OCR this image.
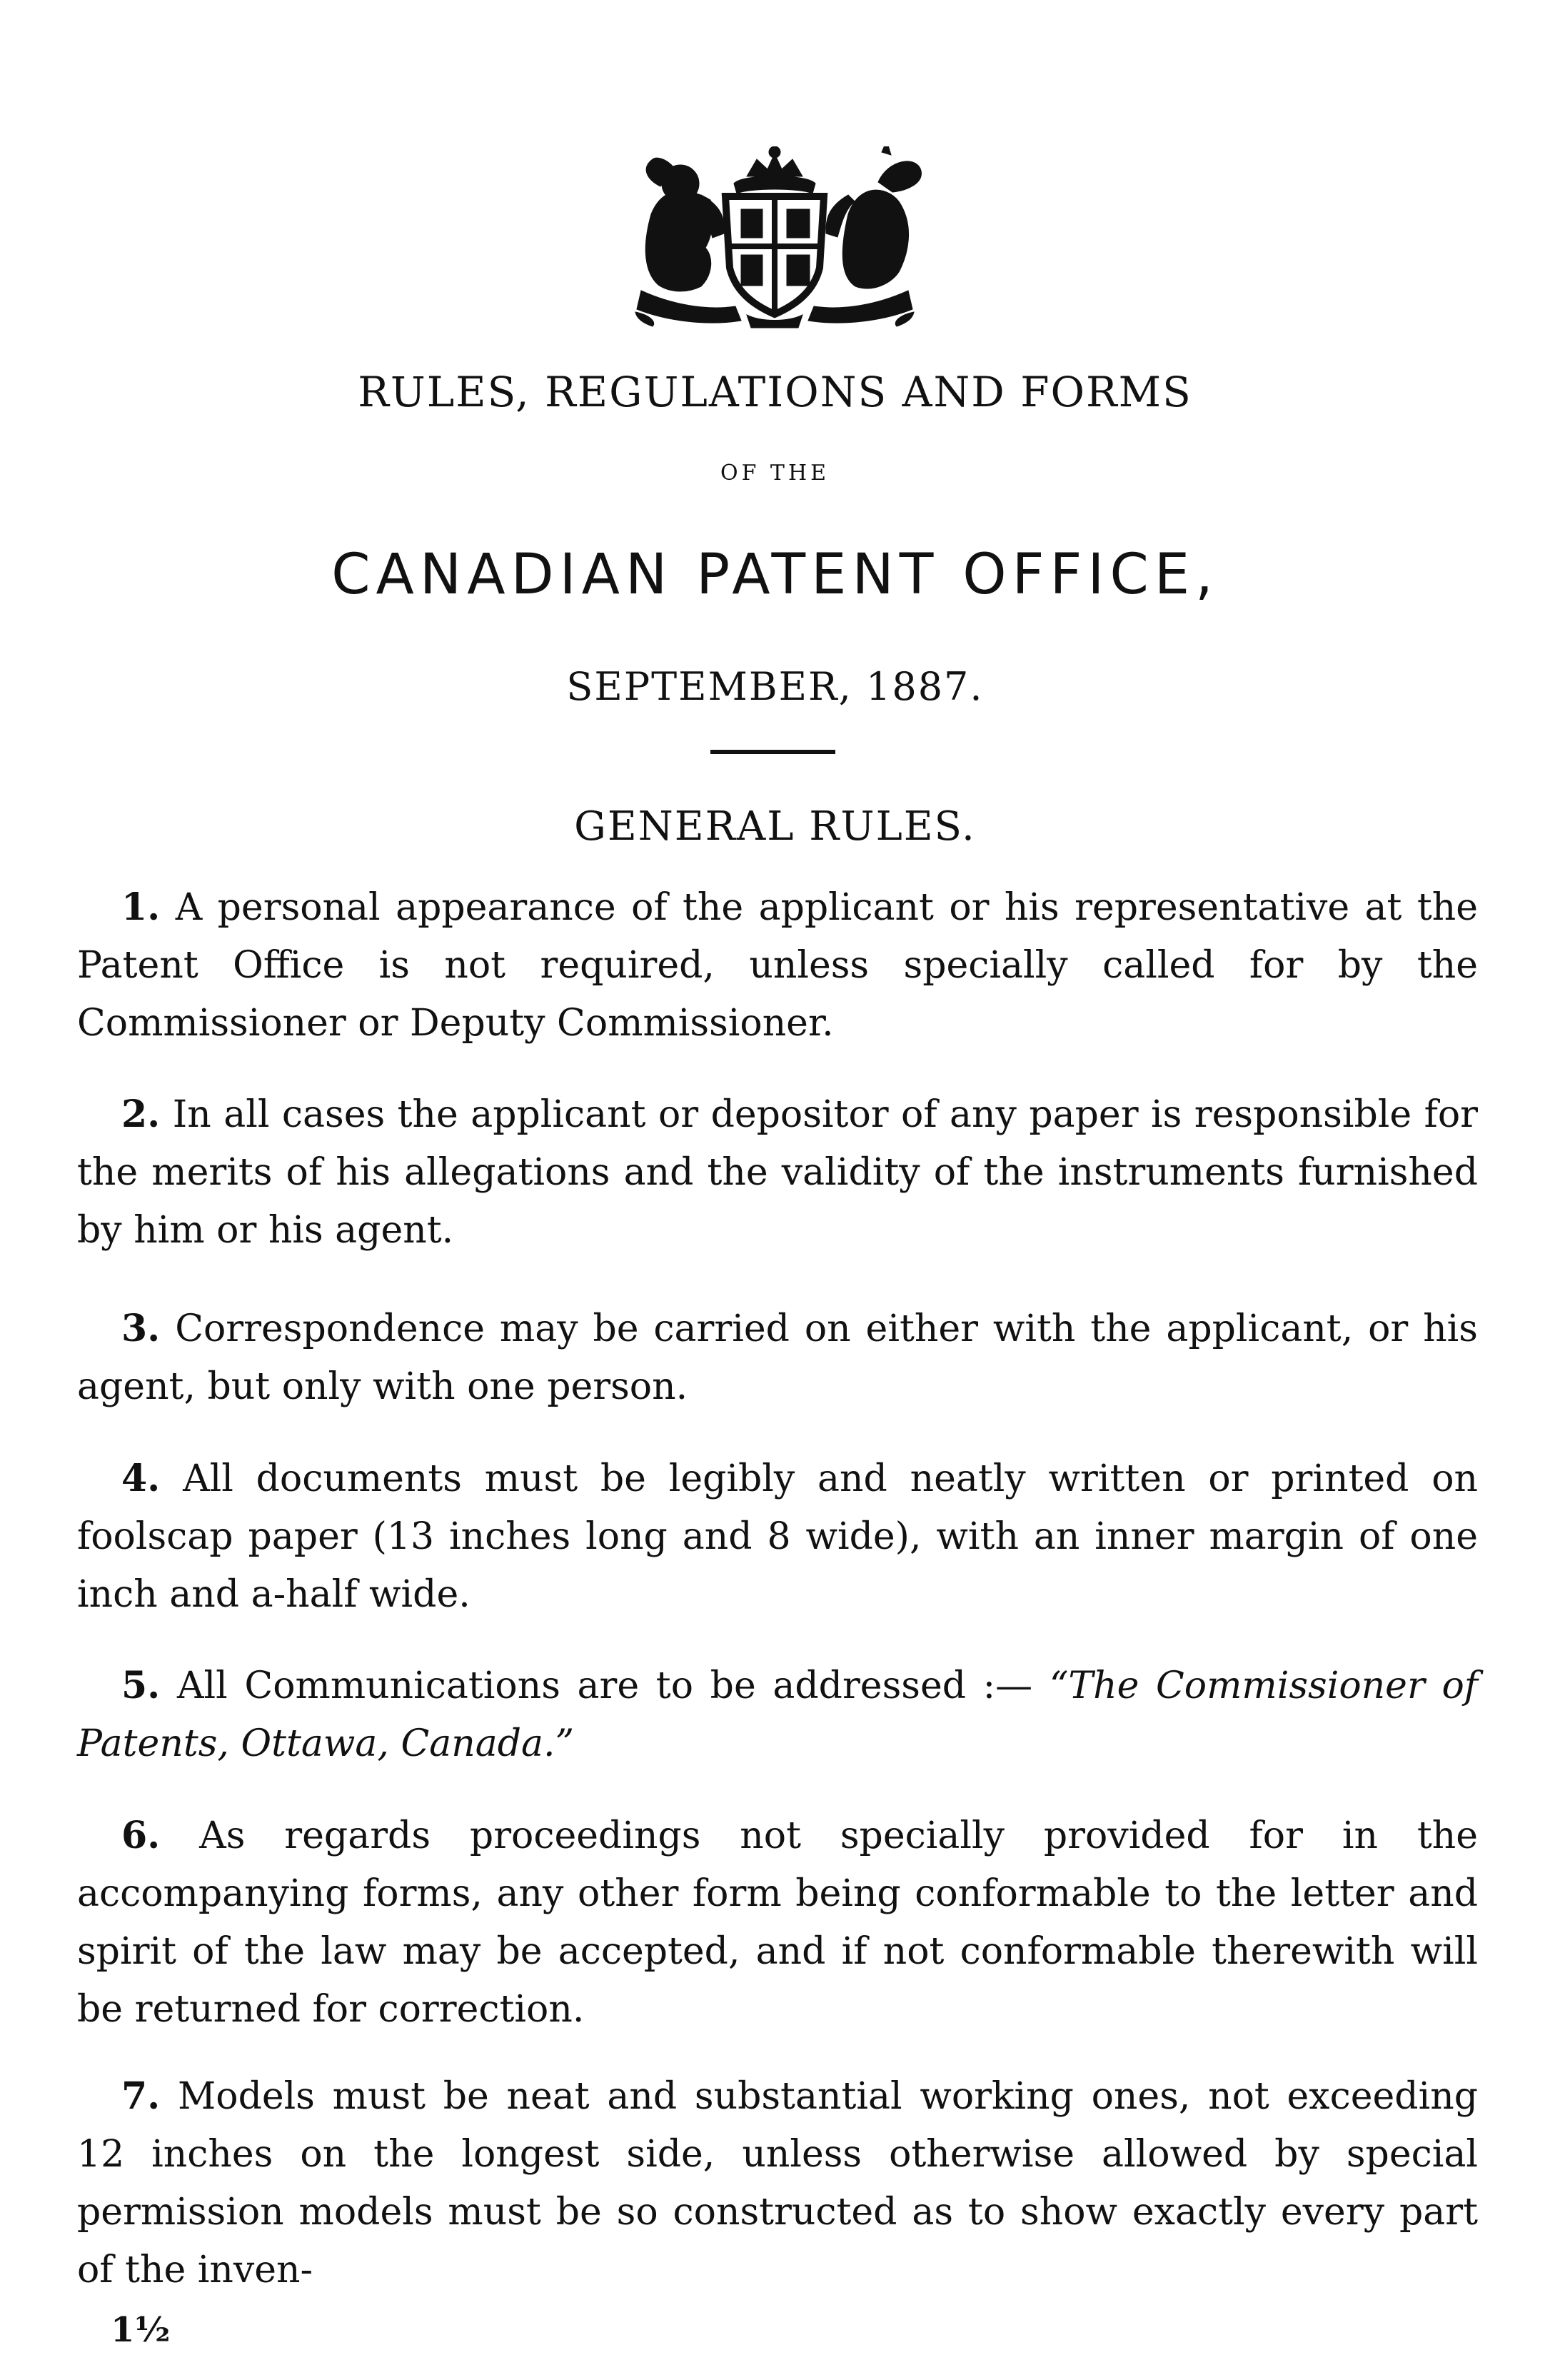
RULES, REGULATIONS AND FORMS
OF THE
CANADIAN PATENT OFFICE,
SEPTEMBER, 1887.
GENERAL RULES.
1. A personal appearance of the applicant or his representative at the Patent Office is not required, unless specially called for by the Commissioner or Deputy Commissioner.
2. In all cases the applicant or depositor of any paper is responsible for the merits of his allegations and the validity of the instruments furnished by him or his agent.
3. Correspondence may be carried on either with the applicant, or his agent, but only with one person.
4. All documents must be legibly and neatly written or printed on foolscap paper (13 inches long and 8 wide), with an inner margin of one inch and a-half wide.
5. All Communications are to be addressed :— “The Commissioner of Patents, Ottawa, Canada.”
6. As regards proceedings not specially provided for in the accompanying forms, any other form being conformable to the letter and spirit of the law may be accepted, and if not conformable therewith will be returned for correction.
7. Models must be neat and substantial working ones, not exceeding 12 inches on the longest side, unless otherwise allowed by special permission models must be so constructed as to show exactly every part of the inven-
1½
